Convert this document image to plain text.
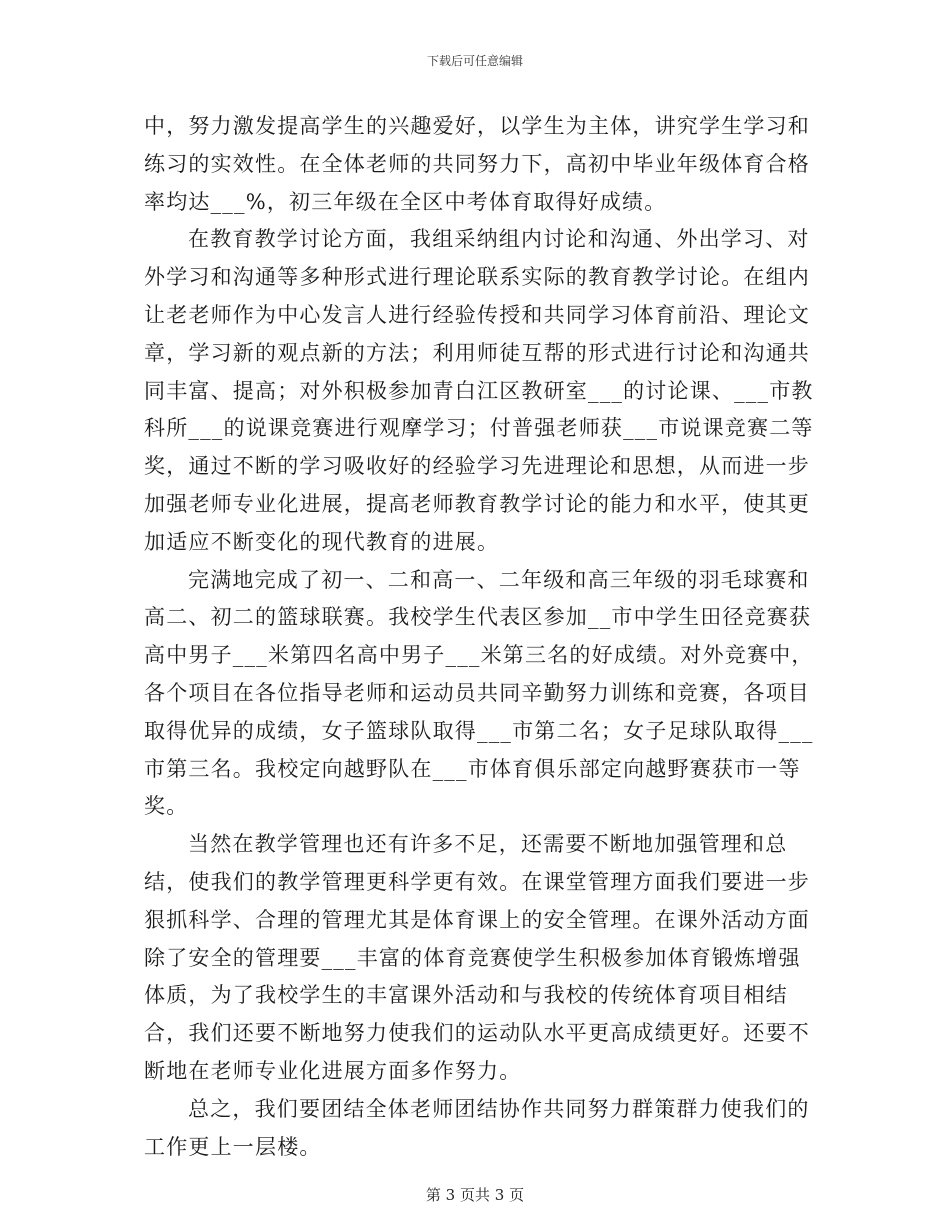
下载后可任意编辑

中，努力激发提高学生的兴趣爱好，以学生为主体，讲究学生学习和练习的实效性。在全体老师的共同努力下，高初中毕业年级体育合格率均达___%，初三年级在全区中考体育取得好成绩。

在教育教学讨论方面，我组采纳组内讨论和沟通、外出学习、对外学习和沟通等多种形式进行理论联系实际的教育教学讨论。在组内让老老师作为中心发言人进行经验传授和共同学习体育前沿、理论文章，学习新的观点新的方法；利用师徒互帮的形式进行讨论和沟通共同丰富、提高；对外积极参加青白江区教研室___的讨论课、___市教科所___的说课竞赛进行观摩学习；付普强老师获___市说课竞赛二等奖，通过不断的学习吸收好的经验学习先进理论和思想，从而进一步加强老师专业化进展，提高老师教育教学讨论的能力和水平，使其更加适应不断变化的现代教育的进展。

完满地完成了初一、二和高一、二年级和高三年级的羽毛球赛和高二、初二的篮球联赛。我校学生代表区参加__市中学生田径竞赛获高中男子___米第四名高中男子___米第三名的好成绩。对外竞赛中，各个项目在各位指导老师和运动员共同辛勤努力训练和竞赛，各项目取得优异的成绩，女子篮球队取得___市第二名；女子足球队取得___市第三名。我校定向越野队在___市体育俱乐部定向越野赛获市一等奖。

当然在教学管理也还有许多不足，还需要不断地加强管理和总结，使我们的教学管理更科学更有效。在课堂管理方面我们要进一步狠抓科学、合理的管理尤其是体育课上的安全管理。在课外活动方面除了安全的管理要___丰富的体育竞赛使学生积极参加体育锻炼增强体质，为了我校学生的丰富课外活动和与我校的传统体育项目相结合，我们还要不断地努力使我们的运动队水平更高成绩更好。还要不断地在老师专业化进展方面多作努力。

总之，我们要团结全体老师团结协作共同努力群策群力使我们的工作更上一层楼。

第 3 页共 3 页
